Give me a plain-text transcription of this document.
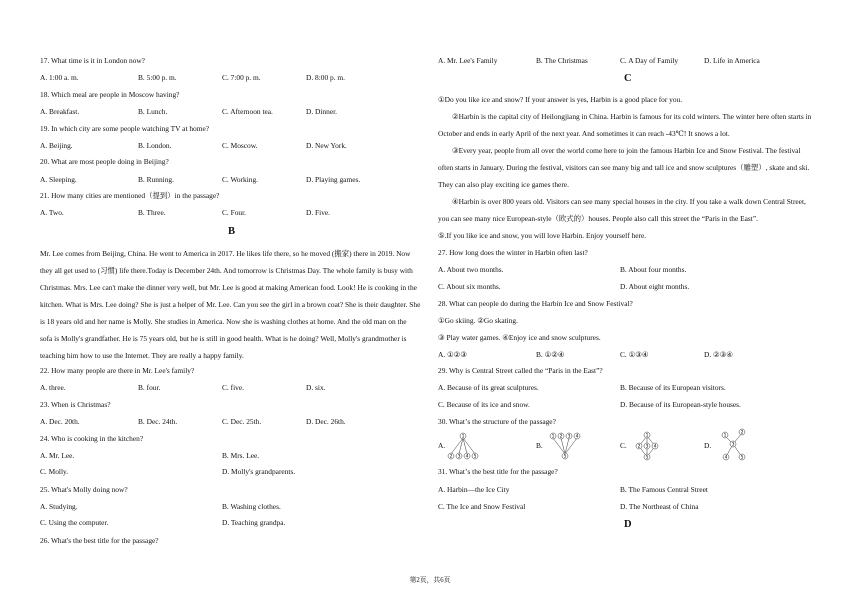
17. What time is it in London now?
A. 1:00 a. m.	B. 5:00 p. m.	C. 7:00 p. m.	D. 8:00 p. m.
18. Which meal are people in Moscow having?
A. Breakfast.	B. Lunch.	C. Afternoon tea.	D. Dinner.
19. In which city are some people watching TV at home?
A. Beijing.	B. London.	C. Moscow.	D. New York.
20. What are most people doing in Beijing?
A. Sleeping.	B. Running.	C. Working.	D. Playing games.
21. How many cities are mentioned（提到）in the passage?
A. Two.	B. Three.	C. Four.	D. Five.
B

Mr. Lee comes from Beijing, China. He went to America in 2017. He likes life there, so he moved (搬家) there in 2019. Now

they all get used to (习惯) life there.Today is December 24th. And tomorrow is Christmas Day. The whole family is busy with

Christmas. Mrs. Lee can't make the dinner very well, but Mr. Lee is good at making American food. Look! He is cooking in the

kitchen. What is Mrs. Lee doing? She is just a helper of Mr. Lee. Can you see the girl in a brown coat? She is their daughter. She

is 18 years old and her name is Molly. She studies in America. Now she is washing clothes at home. And the old man on the

sofa is Molly's grandfather. He is 75 years old, but he is still in good health. What is he doing? Well, Molly's grandmother is

teaching him how to use the Internet. They are really a happy family.

22. How many people are there in Mr. Lee's family?
A. three.	B. four.	C. five.	D. six.
23. When is Christmas?
A. Dec. 20th.	B. Dec. 24th.	C. Dec. 25th.	D. Dec. 26th.
24. Who is cooking in the kitchen?
A. Mr. Lee.	B. Mrs. Lee.
C. Molly.	D. Molly's grandparents.
25. What's Molly doing now?
A. Studying.	B. Washing clothes.
C. Using the computer.	D. Teaching grandpa.
26. What's the best title for the passage?
A. Mr. Lee's Family	B. The Christmas	C. A Day of Family	D. Life in America
C

①Do you like ice and snow? If your answer is yes, Harbin is a good place for you.

②Harbin is the capital city of Heilongjiang in China. Harbin is famous for its cold winters. The winter here often starts in

October and ends in early April of the next year. And sometimes it can reach -43℃! It snows a lot.

③Every year, people from all over the world come here to join the famous Harbin Ice and Snow Festival. The festival

often starts in January. During the festival, visitors can see many big and tall ice and snow sculptures（雕塑）, skate and ski.

They can also play exciting ice games there.

④Harbin is over 800 years old. Visitors can see many special houses in the city. If you take a walk down Central Street,

you can see many nice European-style（欧式的）houses. People also call this street the “Paris in the East”.

⑤.If you like ice and snow, you will love Harbin. Enjoy yourself here.

27. How long does the winter in Harbin often last?
A. About two months.	B. About four months.
C. About six months.	D. About eight months.
28. What can people do during the Harbin Ice and Snow Festival?
①Go skiing. ②Go skating.
③ Play water games. ④Enjoy ice and snow sculptures.
A. ①②③	B. ①②④	C. ①③④	D. ②③④
29. Why is Central Street called the “Paris in the East”?
A. Because of its great sculptures.	B. Because of its European visitors.
C. Because of its ice and snow.	D. Because of its European-style houses.
30. Whatʼs the structure of the passage?
A.	B.	C.	D.
1
2 3 4 5
1 2 3 4
5
1
2 3 4
5
1
2
3
4	5
31. Whatʼs the best title for the passage?
A. Harbin—the Ice City	B. The Famous Central Street
C. The Ice and Snow Festival	D. The Northeast of China
D
第2页，共6页
